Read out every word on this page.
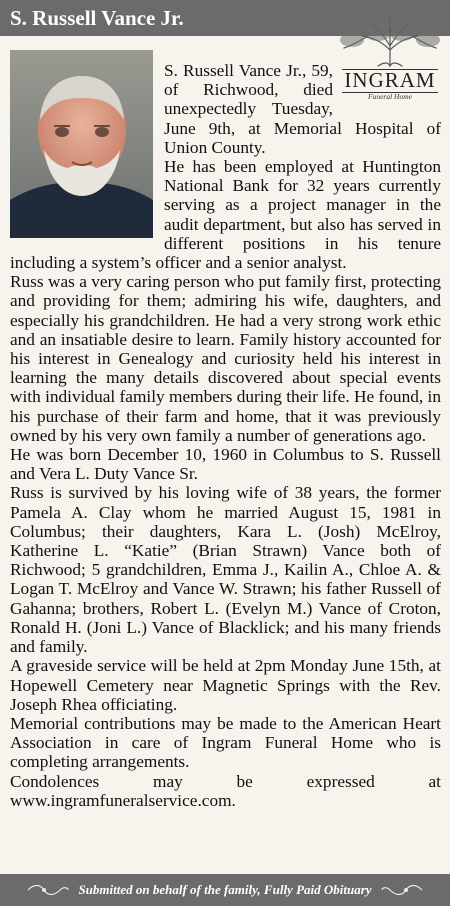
S. Russell Vance Jr.
INGRAM
Funeral Home

S. Russell Vance Jr., 59, of Richwood, died unexpectedly Tuesday, June 9th, at Memorial Hospital of Union County.

He has been employed at Huntington National Bank for 32 years currently serving as a project manager in the audit department, but also has served in different positions in his tenure including a system’s officer and a senior analyst.

Russ was a very caring person who put family first, protecting and providing for them; admiring his wife, daughters, and especially his grandchildren. He had a very strong work ethic and an insatiable desire to learn. Family history accounted for his interest in Genealogy and curiosity held his interest in learning the many details discovered about special events with individual family members during their life. He found, in his purchase of their farm and home, that it was previously owned by his very own family a number of generations ago.

He was born December 10, 1960 in Columbus to S. Russell and Vera L. Duty Vance Sr.

Russ is survived by his loving wife of 38 years, the former Pamela A. Clay whom he married August 15, 1981 in Columbus; their daughters, Kara L. (Josh) McElroy, Katherine L. “Katie” (Brian Strawn) Vance both of Richwood; 5 grandchildren, Emma J., Kailin A., Chloe A. & Logan T. McElroy and Vance W. Strawn; his father Russell of Gahanna; brothers, Robert L. (Evelyn M.) Vance of Croton, Ronald H. (Joni L.) Vance of Blacklick; and his many friends and family.

A graveside service will be held at 2pm Monday June 15th, at Hopewell Cemetery near Magnetic Springs with the Rev. Joseph Rhea officiating.

Memorial contributions may be made to the American Heart Association in care of Ingram Funeral Home who is completing arrangements.

Condolences may be expressed at www.ingramfuneralservice.com.

Submitted on behalf of the family, Fully Paid Obituary
